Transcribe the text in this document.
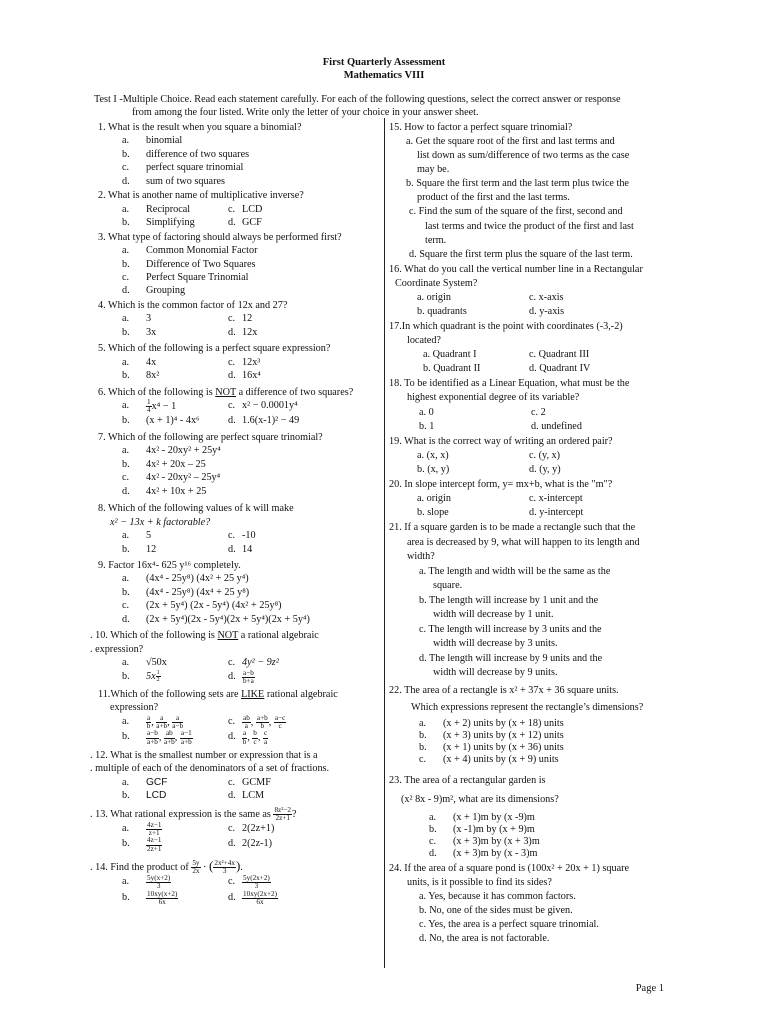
First Quarterly Assessment
Mathematics VIII
Test I -Multiple Choice. Read each statement carefully. For each of the following questions, select the correct answer or response
from among the four listed. Write only the letter of your choice in your answer sheet.
1. What is the result when you square a binomial?
a.	binomial
b.	difference of two squares
c.	perfect square trinomial
d.	sum of two squares
2. What is another name of multiplicative inverse?
a.	Reciprocal	c. LCD
b.	Simplifying	d. GCF
3. What type of factoring should always be performed first?
a.	Common Monomial Factor
b.	Difference of Two Squares
c.	Perfect Square Trinomial
d.	Grouping
4. Which is the common factor of 12x and 27?
a.	3	c. 12
b.	3x	d. 12x
5. Which of the following is a perfect square expression?
a.	4x	c. 12x³
b.	8x²	d. 16x⁴
6. Which of the following is NOT a difference of two squares?
a.	$\frac{1}{4} x^4 - 1$	c. x² − 0.0001y⁴
b.	(x + 1)⁴ - 4x⁶	d. 1.6(x-1)² − 49
7. Which of the following are perfect square trinomial?
a.	4x² - 20xy² + 25y⁴
b.	4x² + 20x – 25
c.	4x² - 20xy² – 25y⁴
d.	4x² + 10x + 25
8. Which of the following values of k will make
x² − 13x + k factorable?
a.	5	c. -10
b.	12	d. 14
9. Factor 16x⁴- 625 y¹⁶ completely.
a.	(4x⁴ - 25y⁸) (4x² + 25 y⁴)
b.	(4x⁴ - 25y⁸) (4x⁴ + 25 y⁸)
c.	(2x + 5y⁴) (2x - 5y⁴) (4x² + 25y⁸)
d.	(2x + 5y⁴)(2x - 5y⁴)(2x + 5y⁴)(2x + 5y⁴)
. 10. Which of the following is NOT a rational algebraic
. expression?
a.	√50x	c. 4y² − 9z²
b.	$5x \frac{1}{2}$	d. $\frac{a-b}{b+a}$
11.Which of the following sets are LIKE rational algebraic
expression?
a.	$\frac{a}{b}$ , $\frac{a}{a+b}$ , $\frac{a}{a-b}$	c. $\frac{ab}{a}$ , $\frac{a+b}{b}$ , $\frac{a-c}{c}$
b.	$\frac{a-b}{a+b}$ , $\frac{ab}{a+b}$ , $\frac{a-1}{a+b}$	d. $\frac{a}{b}$ , $\frac{b}{c}$ , $\frac{c}{a}$
. 12. What is the smallest number or expression that is a
. multiple of each of the denominators of a set of fractions.
a.	GCF	c. GCMF
b.	LCD	d. LCM
. 13. What rational expression is the same as $\frac{\text{8z²−2}}{2z+1}$ ?
a.	$\frac{4z-1}{z+1}$	c. 2(2z+1)
b.	$\frac{4z-1}{2z+1}$	d. 2(2z-1)
. 14. Find the product of $\frac{5y}{2x}$ · ( $\frac{\text{2x²+4x}}{3}$ ).
a.	$\frac{5y(x+2)}{3}$	c. $\frac{5y(2x+2)}{3}$
b.	$\frac{10xy(x+2)}{6x}$	d. $\frac{10xy(2x+2)}{6x}$
15. How to factor a perfect square trinomial?
a. Get the square root of the first and last terms and
list down as sum/difference of two terms as the case
may be.
b. Square the first term and the last term plus twice the
product of the first and the last terms.
c. Find the sum of the square of the first, second and
last terms and twice the product of the first and last
term.
d. Square the first term plus the square of the last term.
16. What do you call the vertical number line in a Rectangular
Coordinate System?
a. origin	c. x-axis
b. quadrants	d. y-axis
17.In which quadrant is the point with coordinates (-3,-2)
located?
a. Quadrant I	c. Quadrant III
b. Quadrant II	d. Quadrant IV
18. To be identified as a Linear Equation, what must be the
highest exponential degree of its variable?
a. 0	c. 2
b. 1	d. undefined
19. What is the correct way of writing an ordered pair?
a. (x, x)	c. (y, x)
b. (x, y)	d. (y, y)
20. In slope intercept form, y= mx+b, what is the "m"?
a. origin	c. x-intercept
b. slope	d. y-intercept
21. If a square garden is to be made a rectangle such that the
area is decreased by 9, what will happen to its length and
width?
a. The length and width will be the same as the
square.
b. The length will increase by 1 unit and the
width will decrease by 1 unit.
c. The length will increase by 3 units and the
width will decrease by 3 units.
d. The length will increase by 9 units and the
width will decrease by 9 units.
22. The area of a rectangle is x² + 37x + 36 square units.
Which expressions represent the rectangle’s dimensions?
a.	(x + 2) units by (x + 18) units
b.	(x + 3) units by (x + 12) units
b.	(x + 1) units by (x + 36) units
c.	(x + 4) units by (x + 9) units
23. The area of a rectangular garden is
(x² 8x - 9)m², what are its dimensions?
a.	(x + 1)m by (x -9)m
b.	(x -1)m by (x + 9)m
c.	(x + 3)m by (x + 3)m
d.	(x + 3)m by (x - 3)m
24. If the area of a square pond is (100x² + 20x + 1) square
units, is it possible to find its sides?
a. Yes, because it has common factors.
b. No, one of the sides must be given.
c. Yes, the area is a perfect square trinomial.
d. No, the area is not factorable.
Page 1
